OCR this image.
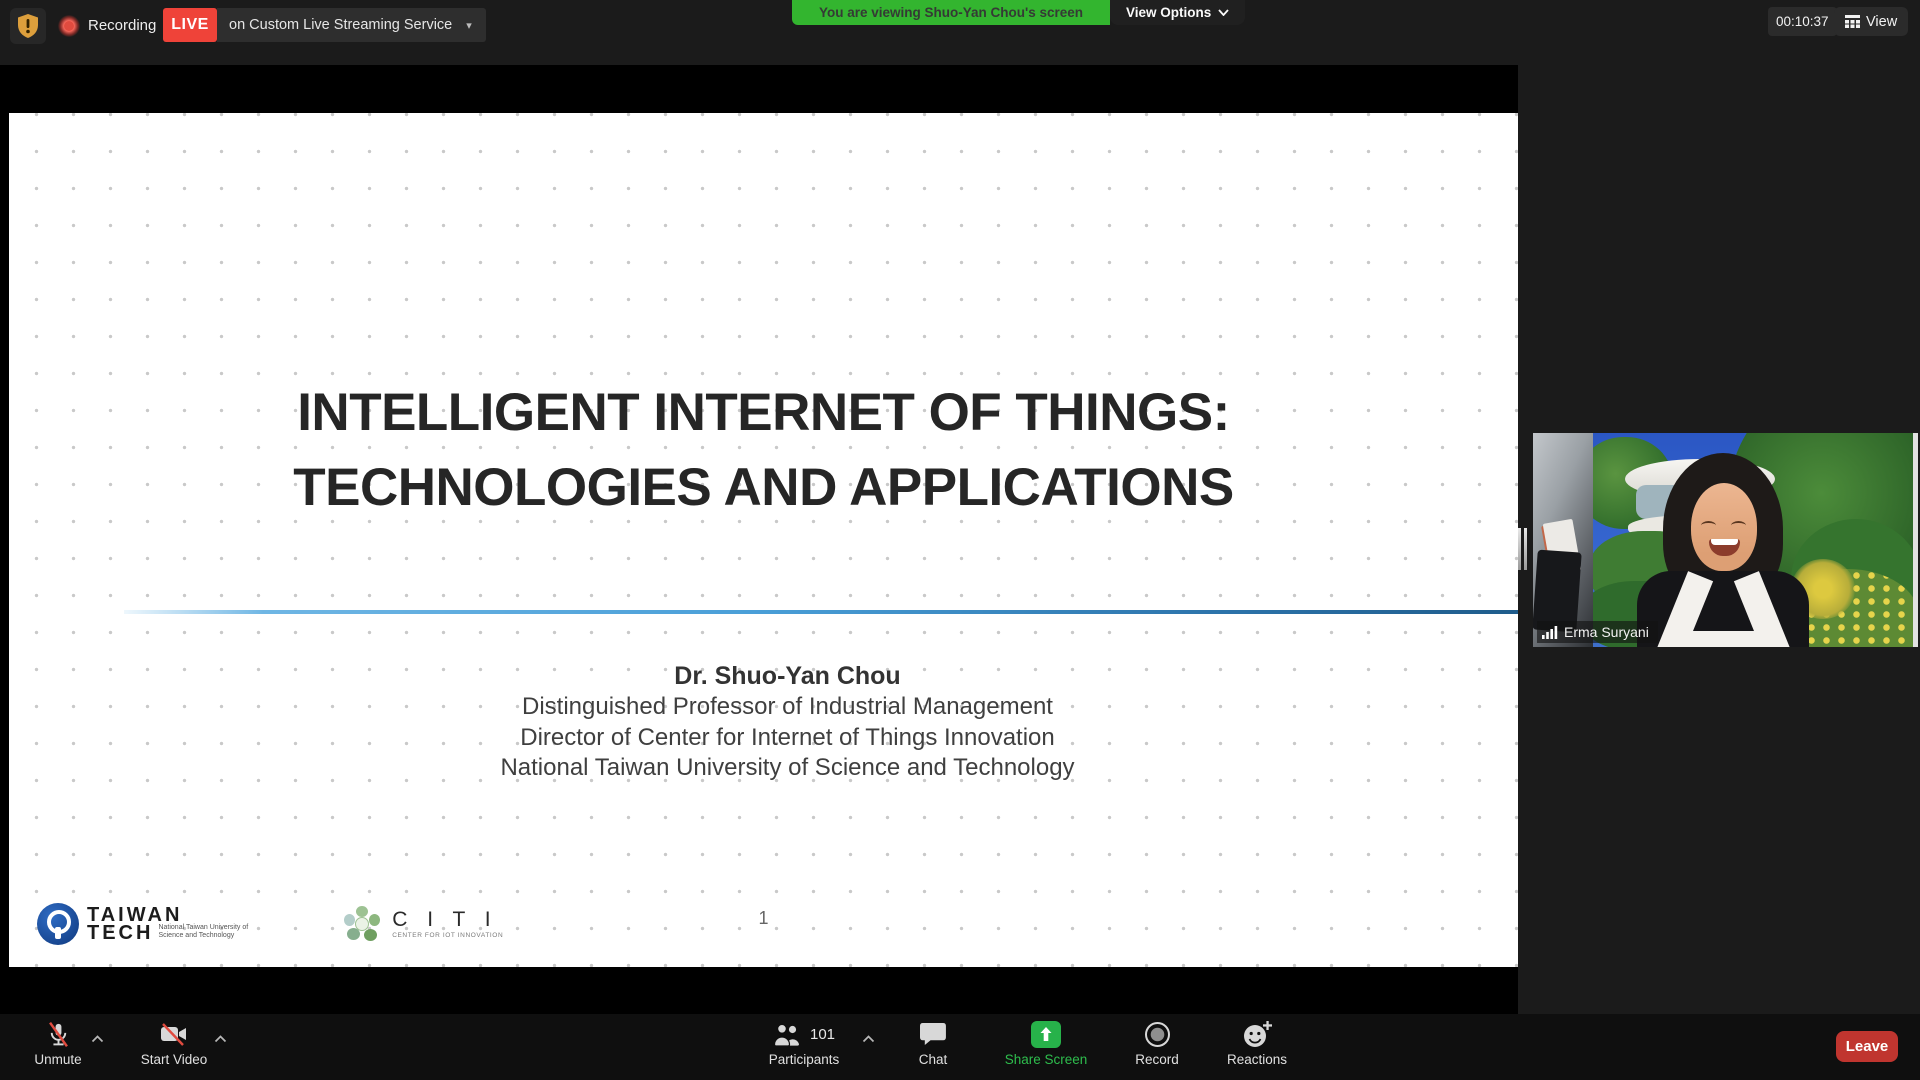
Recording LIVE	on Custom Live Streaming Service ▾
You are viewing Shuo-Yan Chou's screen	View Options
00:10:37	View
INTELLIGENT INTERNET OF THINGS:
TECHNOLOGIES AND APPLICATIONS
Dr. Shuo-Yan Chou
Distinguished Professor of Industrial Management
Director of Center for Internet of Things Innovation
National Taiwan University of Science and Technology
TAIWAN
TECH National Taiwan University of
Science and Technology
C I T I
CENTER FOR IOT INNOVATION
1
Erma Suryani
Unmute	Start Video
101
Participants	Chat	Share Screen	Record	Reactions
Leave
